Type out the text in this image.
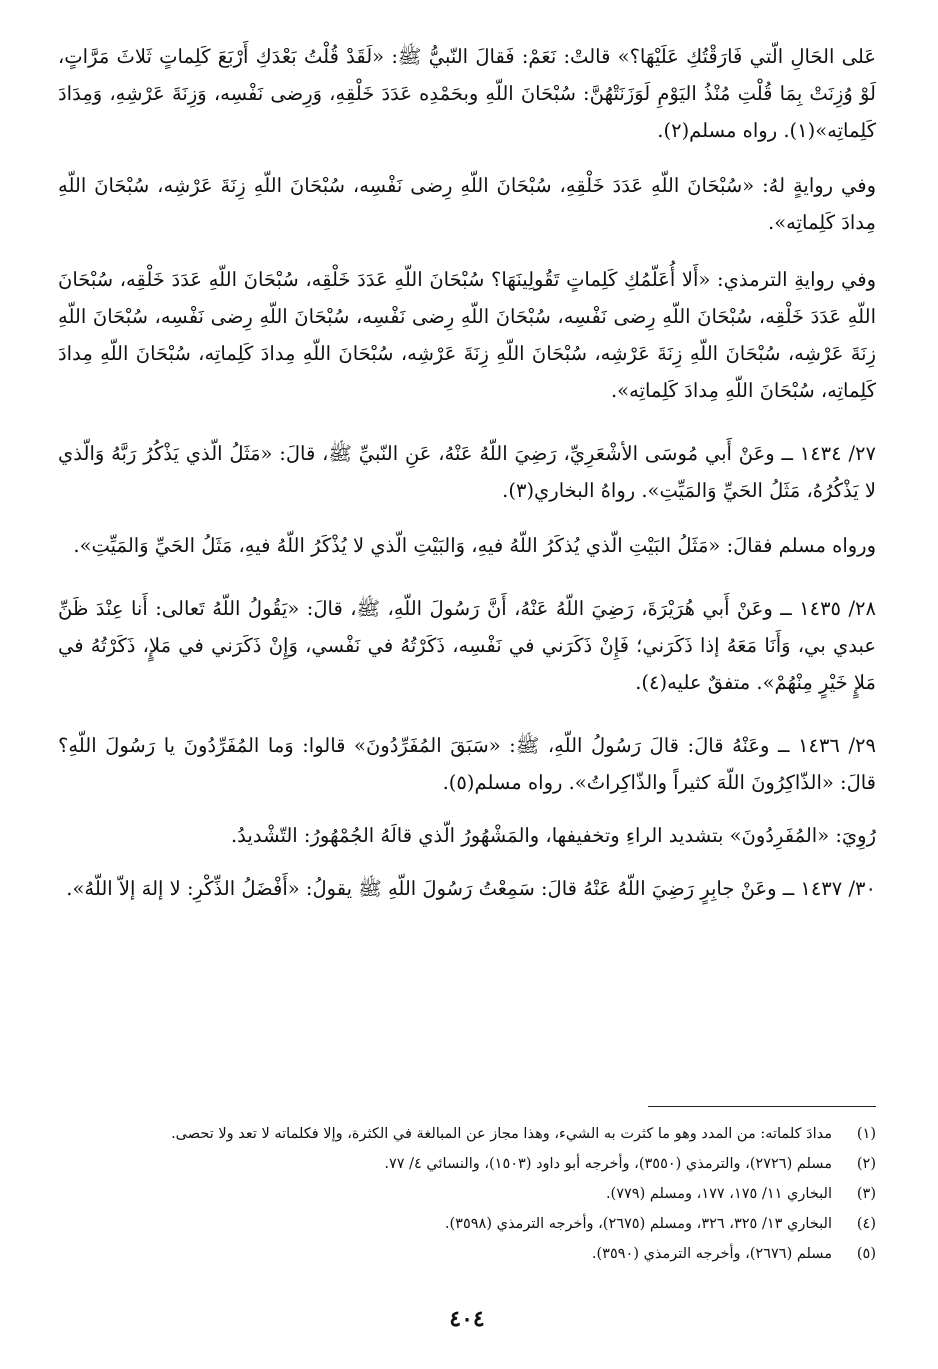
عَلى الحَالِ الّتي فَارَقْتُكِ عَلَيْهَا؟» قالتْ: نَعَمْ: فَقالَ النّبيُّ ﷺ: «لَقَدْ قُلْتُ بَعْدَكِ أَرْبَعَ كَلِماتٍ ثَلاثَ مَرَّاتٍ، لَوْ وُزِنَتْ بِمَا قُلْتِ مُنْذُ اليَوْمِ لَوَزَنَتْهُنَّ: سُبْحَانَ اللّهِ وبحَمْدِه عَدَدَ خَلْقِهِ، وَرِضى نَفْسِه، وَزِنَةَ عَرْشِهِ، وَمِدَادَ كَلِماتِه»(١). رواه مسلم(٢).

وفي روايةٍ لهُ: «سُبْحَانَ اللّهِ عَدَدَ خَلْقِهِ، سُبْحَانَ اللّهِ رِضى نَفْسِه، سُبْحَانَ اللّهِ زِنَةَ عَرْشِه، سُبْحَانَ اللّهِ مِدادَ كَلِماتِه».

وفي روايةِ الترمذي: «أَلا أُعَلّمُكِ كَلِماتٍ تَقُولِينَهَا؟ سُبْحَانَ اللّهِ عَدَدَ خَلْقِه، سُبْحَانَ اللّهِ عَدَدَ خَلْقِه، سُبْحَانَ اللّهِ عَدَدَ خَلْقِه، سُبْحَانَ اللّهِ رِضى نَفْسِه، سُبْحَانَ اللّهِ رِضى نَفْسِه، سُبْحَانَ اللّهِ رِضى نَفْسِه، سُبْحَانَ اللّهِ زِنَةَ عَرْشِه، سُبْحَانَ اللّهِ زِنَةَ عَرْشِه، سُبْحَانَ اللّهِ زِنَةَ عَرْشِه، سُبْحَانَ اللّهِ مِدادَ كَلِماتِه، سُبْحَانَ اللّهِ مِدادَ كَلِماتِه، سُبْحَانَ اللّهِ مِدادَ كَلِماتِه».

٢٧/ ١٤٣٤ ــ وعَنْ أَبي مُوسَى الأشْعَرِيِّ، رَضِيَ اللّهُ عَنْهُ، عَنِ النّبيِّ ﷺ، قالَ: «مَثَلُ الّذي يَذْكُرُ رَبَّهُ وَالّذي لا يَذْكُرُهُ، مَثَلُ الحَيِّ وَالمَيِّتِ». رواهُ البخاري(٣).

ورواه مسلم فقالَ: «مَثَلُ البَيْتِ الّذي يُذكَرُ اللّهُ فيهِ، وَالبَيْتِ الّذي لا يُذْكَرُ اللّهُ فيهِ، مَثَلُ الحَيِّ وَالمَيِّتِ».

٢٨/ ١٤٣٥ ــ وعَنْ أَبي هُرَيْرَةَ، رَضِيَ اللّهُ عَنْهُ، أَنَّ رَسُولَ اللّهِ، ﷺ، قالَ: «يَقُولُ اللّهُ تَعالى: أَنا عِنْدَ ظَنِّ عبدي بي، وَأَنَا مَعَهُ إذا ذَكَرَني؛ فَإِنْ ذَكَرَني في نَفْسِه، ذَكَرْتُهُ في نَفْسي، وَإِنْ ذَكَرَني في مَلإٍ، ذَكَرْتُهُ في مَلإٍ خَيْرٍ مِنْهُمْ». متفقٌ عليه(٤).

٢٩/ ١٤٣٦ ــ وعَنْهُ قالَ: قالَ رَسُولُ اللّهِ، ﷺ: «سَبَقَ المُفَرِّدُونَ» قالوا: وَما المُفَرِّدُونَ يا رَسُولَ اللّهِ؟ قالَ: «الذّاكِرُونَ اللّهَ كثيراً والذّاكِراتُ». رواه مسلم(٥).

رُوِيَ: «المُفَرِدُونَ» بتشديد الراءِ وتخفيفها، والمَشْهُورُ الّذي قالَهُ الجُمْهُورُ: التّشْديدُ.

٣٠/ ١٤٣٧ ــ وعَنْ جابِرٍ رَضِيَ اللّهُ عَنْهُ قالَ: سَمِعْتُ رَسُولَ اللّهِ ﷺ يقولُ: «أَفْضَلُ الذِّكْرِ: لا إلهَ إلاّ اللّهُ».

(١)
مدادَ كلماته: من المدد وهو ما كثرت به الشيء، وهذا مجاز عن المبالغة في الكثرة، وإلا فكلماته لا تعد ولا تحصى.
(٢)
مسلم (٢٧٢٦)، والترمذي (٣٥٥٠)، وأخرجه أبو داود (١٥٠٣)، والنسائي ٤/ ٧٧.
(٣)
البخاري ١١/ ١٧٥، ١٧٧، ومسلم (٧٧٩).
(٤)
البخاري ١٣/ ٣٢٥، ٣٢٦، ومسلم (٢٦٧٥)، وأخرجه الترمذي (٣٥٩٨).
(٥)
مسلم (٢٦٧٦)، وأخرجه الترمذي (٣٥٩٠).
٤٠٤
